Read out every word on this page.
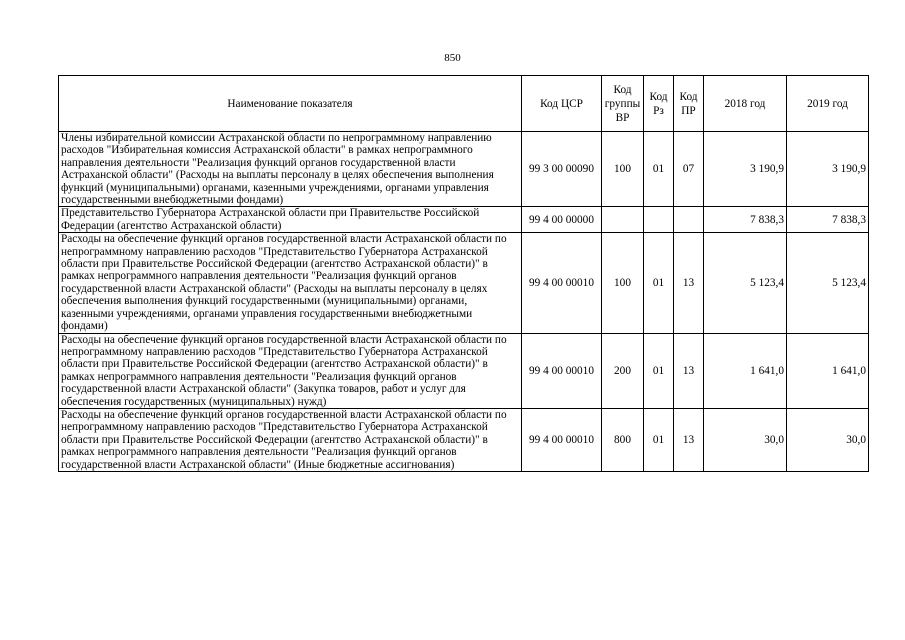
850
Наименование показателя	Код ЦСР	Код группы ВР	Код Рз	Код ПР	2018 год	2019 год
Члены избирательной комиссии Астраханской области по непрограммному направлению расходов "Избирательная комиссия Астраханской области" в рамках непрограммного направления деятельности "Реализация функций органов государственной власти Астраханской области" (Расходы на выплаты персоналу в целях обеспечения выполнения функций (муниципальными) органами, казенными учреждениями, органами управления государственными внебюджетными фондами)	99 3 00 00090	100	01	07	3 190,9	3 190,9
Представительство Губернатора Астраханской области при Правительстве Российской Федерации (агентство Астраханской области)	99 4 00 00000				7 838,3	7 838,3
Расходы на обеспечение функций органов государственной власти Астраханской области по непрограммному направлению расходов "Представительство Губернатора Астраханской области при Правительстве Российской Федерации (агентство Астраханской области)" в рамках непрограммного направления деятельности "Реализация функций органов государственной власти Астраханской области" (Расходы на выплаты персоналу в целях обеспечения выполнения функций государственными (муниципальными) органами, казенными учреждениями, органами управления государственными внебюджетными фондами)	99 4 00 00010	100	01	13	5 123,4	5 123,4
Расходы на обеспечение функций органов государственной власти Астраханской области по непрограммному направлению расходов "Представительство Губернатора Астраханской области при Правительстве Российской Федерации (агентство Астраханской области)" в рамках непрограммного направления деятельности "Реализация функций органов государственной власти Астраханской области" (Закупка товаров, работ и услуг для обеспечения государственных (муниципальных) нужд)	99 4 00 00010	200	01	13	1 641,0	1 641,0
Расходы на обеспечение функций органов государственной власти Астраханской области по непрограммному направлению расходов "Представительство Губернатора Астраханской области при Правительстве Российской Федерации (агентство Астраханской области)" в рамках непрограммного направления деятельности "Реализация функций органов государственной власти Астраханской области" (Иные бюджетные ассигнования)	99 4 00 00010	800	01	13	30,0	30,0
